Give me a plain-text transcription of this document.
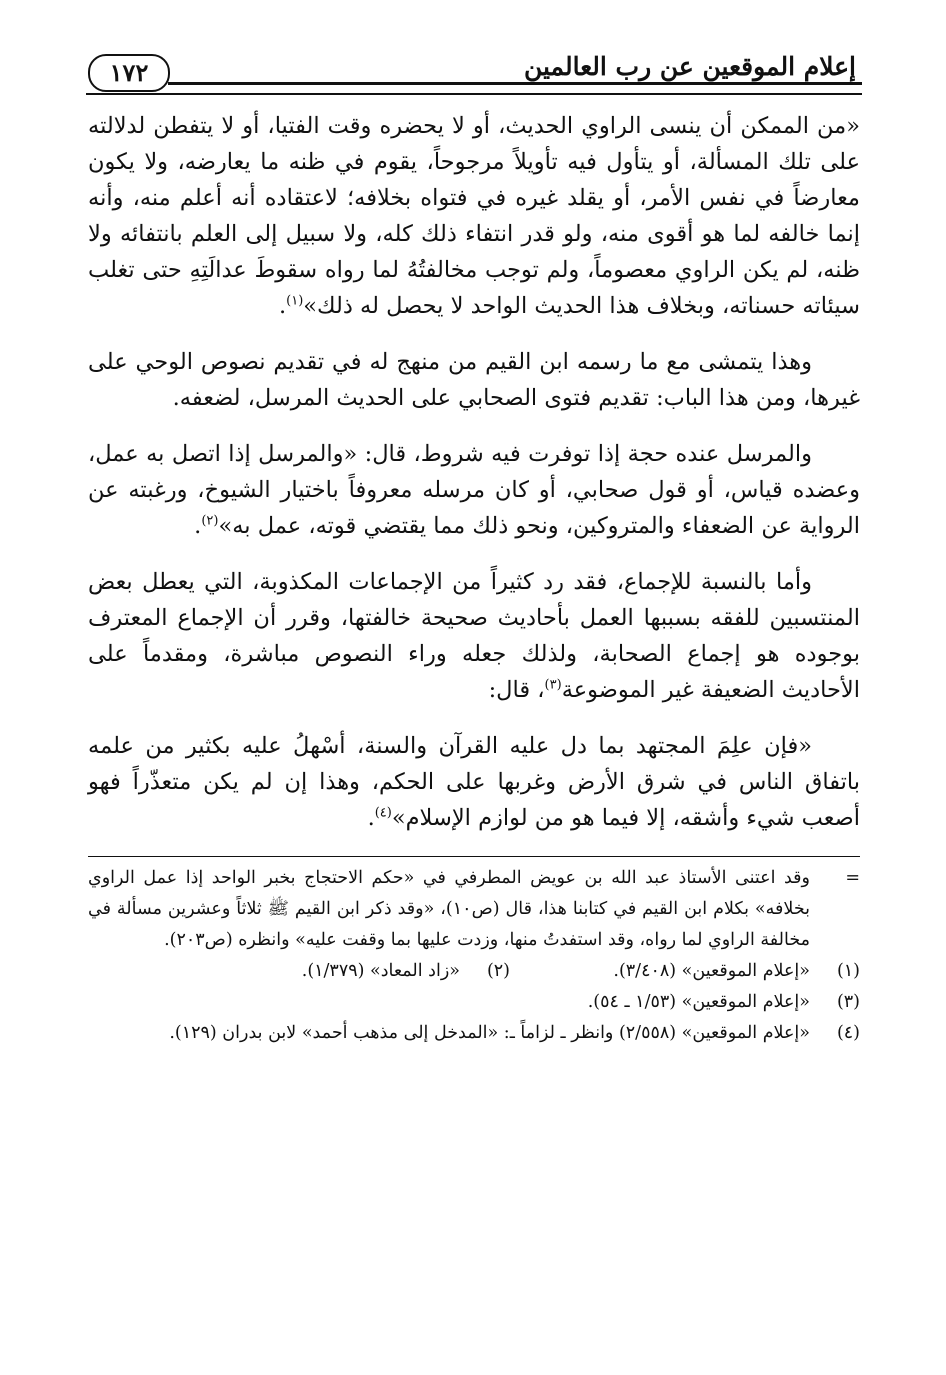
١٧٢	إعلام الموقعين عن رب العالمين

«من الممكن أن ينسى الراوي الحديث، أو لا يحضره وقت الفتيا، أو لا يتفطن لدلالته على تلك المسألة، أو يتأول فيه تأويلاً مرجوحاً، يقوم في ظنه ما يعارضه، ولا يكون معارضاً في نفس الأمر، أو يقلد غيره في فتواه بخلافه؛ لاعتقاده أنه أعلم منه، وأنه إنما خالفه لما هو أقوى منه، ولو قدر انتفاء ذلك كله، ولا سبيل إلى العلم بانتفائه ولا ظنه، لم يكن الراوي معصوماً، ولم توجب مخالفتُهُ لما رواه سقوطَ عدالَتِهِ حتى تغلب سيئاته حسناته، وبخلاف هذا الحديث الواحد لا يحصل له ذلك»$^{(١)}$.

وهذا يتمشى مع ما رسمه ابن القيم من منهج له في تقديم نصوص الوحي على غيرها، ومن هذا الباب: تقديم فتوى الصحابي على الحديث المرسل، لضعفه.

والمرسل عنده حجة إذا توفرت فيه شروط، قال: «والمرسل إذا اتصل به عمل، وعضده قياس، أو قول صحابي، أو كان مرسله معروفاً باختيار الشيوخ، ورغبته عن الرواية عن الضعفاء والمتروكين، ونحو ذلك مما يقتضي قوته، عمل به»$^{(٢)}$.

وأما بالنسبة للإجماع، فقد رد كثيراً من الإجماعات المكذوبة، التي يعطل بعض المنتسبين للفقه بسببها العمل بأحاديث صحيحة خالفتها، وقرر أن الإجماع المعترف بوجوده هو إجماع الصحابة، ولذلك جعله وراء النصوص مباشرة، ومقدماً على الأحاديث الضعيفة غير الموضوعة$^{(٣)}$، قال:

«فإن علِمَ المجتهد بما دل عليه القرآن والسنة، أسْهلُ عليه بكثير من علمه باتفاق الناس في شرق الأرض وغربها على الحكم، وهذا إن لم يكن متعذّراً فهو أصعب شيء وأشقه، إلا فيما هو من لوازم الإسلام»$^{(٤)}$.

=
وقد اعتنى الأستاذ عبد الله بن عويض المطرفي في «حكم الاحتجاج بخبر الواحد إذا عمل الراوي بخلافه» بكلام ابن القيم في كتابنا هذا، قال (ص١٠)، «وقد ذكر ابن القيم ﷺ ثلاثاً وعشرين مسألة في مخالفة الراوي لما رواه، وقد استفدتُ منها، وزدت عليها بما وقفت عليه» وانظره (ص٢٠٣).
(١)
«إعلام الموقعين» (٣/٤٠٨).
(٢)
«زاد المعاد» (١/٣٧٩).
(٣)
«إعلام الموقعين» (١/٥٣ ـ ٥٤).
(٤)
«إعلام الموقعين» (٢/٥٥٨) وانظر ـ لزاماً ـ: «المدخل إلى مذهب أحمد» لابن بدران (١٢٩).
